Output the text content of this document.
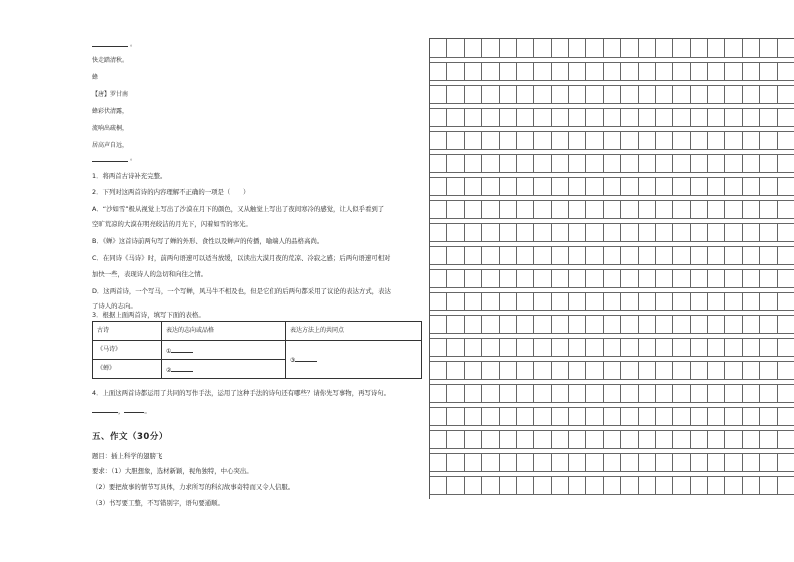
。
快走踏清秋。
蜂
【唐】罗甘南
蜂彩伏清露，
流响出疏桐，
居高声自远，
。
1．将两首古诗补充完整。
2．下列对这两首诗的内容理解不正确的一项是（　　）
A．“沙如雪”极从视觉上写出了沙漠在月下的颜色，又从触觉上写出了夜间寒冷的感觉，让人似乎看到了
空旷荒凉的大漠在明亮皎洁的月光下，闪着如雪的寒光。
B．《蝉》这首诗前两句写了蝉的外形、食性以及蝉声的传播，喻端人的品格高尚。
C．在同诗《马诗》时，前两句语速可以适当放缓，以读出大漠月夜的荒凉、冷寂之感；后两句语速可相对
加快一些，表现诗人的急切和向往之情。
D．这两首诗，一个写马，一个写蝉，风马牛不相及也，但是它们的后两句都采用了议论的表达方式，表达
了诗人的志向。
3．根据上面两首诗，填写下面的表格。
古诗	表达的志向或品格	表达方法上的共同点
《马诗》	①	③
《蝉》	②	
4．上面这两首诗都运用了共同的写作手法，运用了这种手法的诗句还有哪些？请你先写事物，再写诗句。
，	。
五、作文（30分）
题目：插上科学的翅膀飞
要求：（1）大胆想象，选材新颖，视角独特，中心突出。
（2）要把故事的情节写具体，力求所写的科幻故事奇特而又令人信服。
（3）书写要工整，不写错别字，语句要通顺。
